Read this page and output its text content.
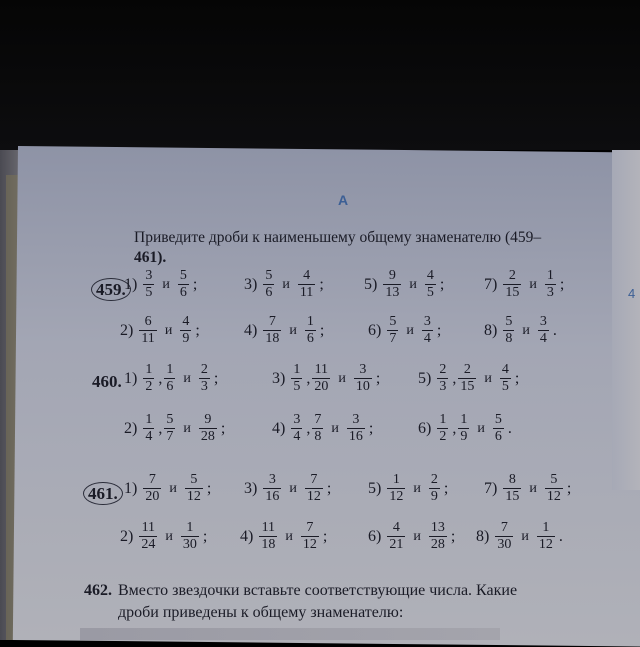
А
4
Приведите дроби к наименьшему общему знаменателю (459–
461).
459.
$1) \frac{3}{5}$ и $\frac{5}{6}$ ;	$3) \frac{5}{6}$ и $\frac{4}{11}$ ;	$5) \frac{9}{13}$ и $\frac{4}{5}$ ; $7) \frac{2}{15}$ и $\frac{1}{3}$ ;
$2) \frac{6}{11}$ и $\frac{4}{9}$ ;	$4) \frac{7}{18}$ и $\frac{1}{6}$ ;	$6) \frac{5}{7}$ и $\frac{3}{4}$ ;	$8) \frac{5}{8}$ и $\frac{3}{4}$ .
460. $1) \frac{1}{2}$ , $\frac{1}{6}$ и $\frac{2}{3}$ ;	$3) \frac{1}{5}$ , $\frac{11}{20}$ и $\frac{3}{10}$ ; $5) \frac{2}{3}$ , $\frac{2}{15}$ и $\frac{4}{5}$ ;
$2) \frac{1}{4}$ , $\frac{5}{7}$ и $\frac{9}{28}$ ;	$4) \frac{3}{4}$ , $\frac{7}{8}$ и $\frac{3}{16}$ ;	$6) \frac{1}{2}$ , $\frac{1}{9}$ и $\frac{5}{6}$ .
461. $1) \frac{7}{20}$ и $\frac{5}{12}$ ; $3) \frac{3}{16}$ и $\frac{7}{12}$ ; $5) \frac{1}{12}$ и $\frac{2}{9}$ ; $7) \frac{8}{15}$ и $\frac{5}{12}$ ;
$2) \frac{11}{24}$ и $\frac{1}{30}$ ; $4) \frac{11}{18}$ и $\frac{7}{12}$ ;	$6) \frac{4}{21}$ и $\frac{13}{28}$ ; $8) \frac{7}{30}$ и $\frac{1}{12}$ .
462. Вместо звездочки вставьте соответствующие числа. Какие
дроби приведены к общему знаменателю:
